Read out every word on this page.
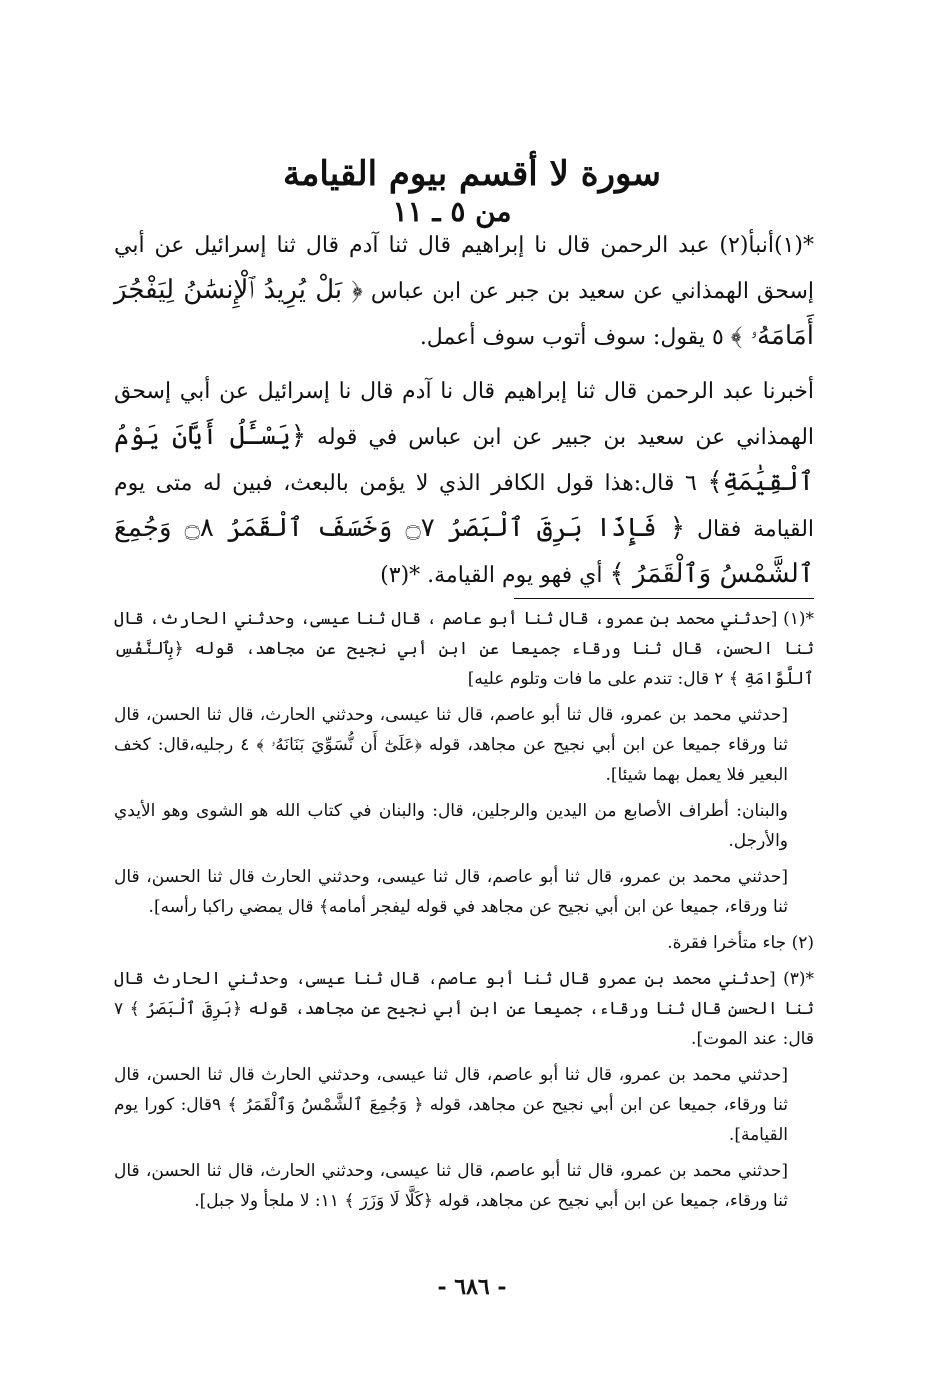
سورة لا أقسم بيوم القيامة
من ٥ ـ ١١

*(١)أنبأ(٢) عبد الرحمن قال نا إبراهيم قال ثنا آدم قال ثنا إسرائيل عن أبي إسحق الهمذاني عن سعيد بن جبر عن ابن عباس ﴿ بَلْ يُرِيدُ ٱلْإِنسَٰنُ لِيَفْجُرَ أَمَامَهُۥ ﴾ ٥ يقول: سوف أتوب سوف أعمل.

أخبرنا عبد الرحمن قال ثنا إبراهيم قال نا آدم قال نا إسرائيل عن أبي إسحق الهمذاني عن سعيد بن جبير عن ابن عباس في قوله ﴿يَسْـَٔلُ أَيَّانَ يَوْمُ ٱلْقِيَٰمَةِ﴾ ٦ قال:هذا قول الكافر الذي لا يؤمن بالبعث، فبين له متى يوم القيامة فقال ﴿ فَإِذَا بَرِقَ ٱلْبَصَرُ ۝٧ وَخَسَفَ ٱلْقَمَرُ ۝٨ وَجُمِعَ ٱلشَّمْسُ وَٱلْقَمَرُ ﴾ أي فهو يوم القيامة. *(٣)

*(١) [حدثني محمد بن عمرو، قال ثنا أبو عاصم ، قال ثنا عيسى، وحدثني الحارث، قال ثنا الحسن، قال ثنا ورقاء جميعا عن ابن أبي نجيح عن مجاهد، قوله ﴿بِٱلنَّفْسِ ٱللَّوَّامَةِ ﴾ ٢ قال: تندم على ما فات وتلوم عليه]

[حدثني محمد بن عمرو، قال ثنا أبو عاصم، قال ثنا عيسى، وحدثني الحارث، قال ثنا الحسن، قال ثنا ورقاء جميعا عن ابن أبي نجيح عن مجاهد، قوله ﴿عَلَىٰٓ أَن نُّسَوِّيَ بَنَانَهُۥ ﴾ ٤ رجليه،قال: كخف البعير فلا يعمل بهما شيئا].

والبنان: أطراف الأصابع من اليدين والرجلين، قال: والبنان في كتاب الله هو الشوى وهو الأيدي والأرجل.

[حدثني محمد بن عمرو، قال ثنا أبو عاصم، قال ثنا عيسى، وحدثني الحارث قال ثنا الحسن، قال ثنا ورقاء، جميعا عن ابن أبي نجيح عن مجاهد في قوله ليفجر أمامه﴾ قال يمضي راكبا رأسه].

(٢) جاء متأخرا فقرة.

*(٣) [حدثني محمد بن عمرو قال ثنا أبو عاصم، قال ثنا عيسى، وحدثني الحارث قال ثنا الحسن قال ثنا ورقاء، جميعا عن ابن أبي نجيح عن مجاهد، قوله ﴿بَرِقَ ٱلْبَصَرُ ﴾ ٧ قال: عند الموت].

[حدثني محمد بن عمرو، قال ثنا أبو عاصم، قال ثنا عيسى، وحدثني الحارث قال ثنا الحسن، قال ثنا ورقاء، جميعا عن ابن أبي نجيح عن مجاهد، قوله ﴿ وَجُمِعَ ٱلشَّمْسُ وَٱلْقَمَرُ ﴾ ٩قال: كورا يوم القيامة].

[حدثني محمد بن عمرو، قال ثنا أبو عاصم، قال ثنا عيسى، وحدثني الحارث، قال ثنا الحسن، قال ثنا ورقاء، جميعا عن ابن أبي نجيح عن مجاهد، قوله ﴿كَلَّا لَا وَزَرَ ﴾ ١١: لا ملجأ ولا جبل].

- ٦٨٦ -
